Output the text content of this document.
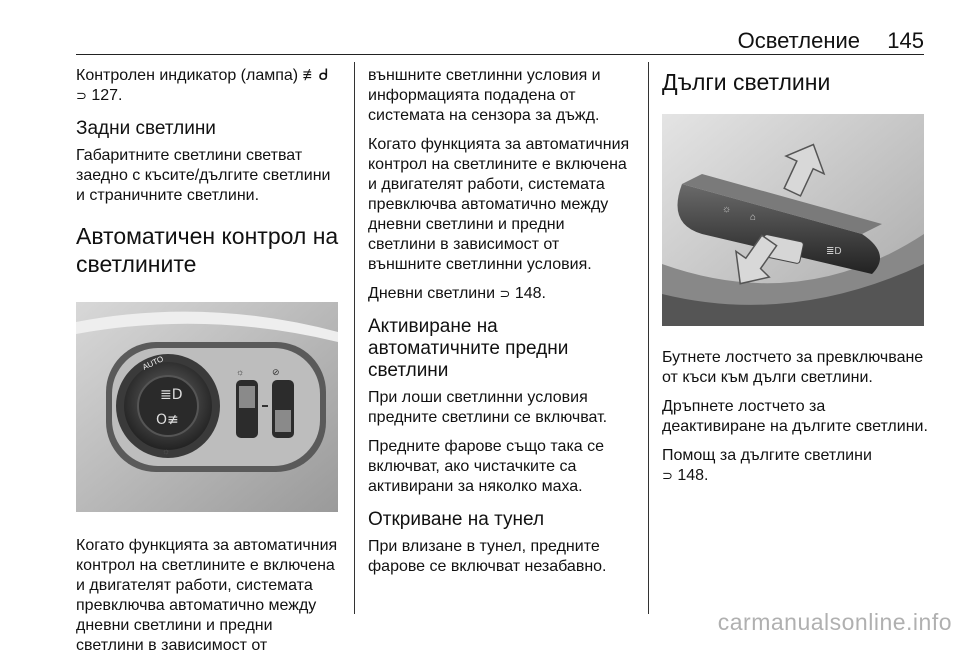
Осветление 145

Контролен индикатор (лампа) ≢ᑯ
⊃ 127.

Задни светлини

Габаритните светлини светват заедно с късите/дългите светлини и страничните светлини.

Автоматичен контрол на светлините
AUTO
≣D
O≢
☼	⊘
☼

Когато функцията за автоматичния контрол на светлините е включена и двигателят работи, системата превключва автоматично между дневни светлини и предни светлини в зависимост от

външните светлинни условия и информацията подадена от системата на сензора за дъжд.

Когато функцията за автоматичния контрол на светлините е включена и двигателят работи, системата превключва автоматично между дневни светлини и предни светлини в зависимост от външните светлинни условия.

Дневни светлини ⊃ 148.

Активиране на автоматичните предни светлини

При лоши светлинни условия предните светлини се включват.

Предните фарове също така се включват, ако чистачките са активирани за няколко маха.

Откриване на тунел

При влизане в тунел, предните фарове се включват незабавно.

Дълги светлини
☼
⌂
≣D

Бутнете лостчето за превключване от къси към дълги светлини.

Дръпнете лостчето за деактивиране на дългите светлини.

Помощ за дългите светлини
⊃ 148.

carmanualsonline.info
